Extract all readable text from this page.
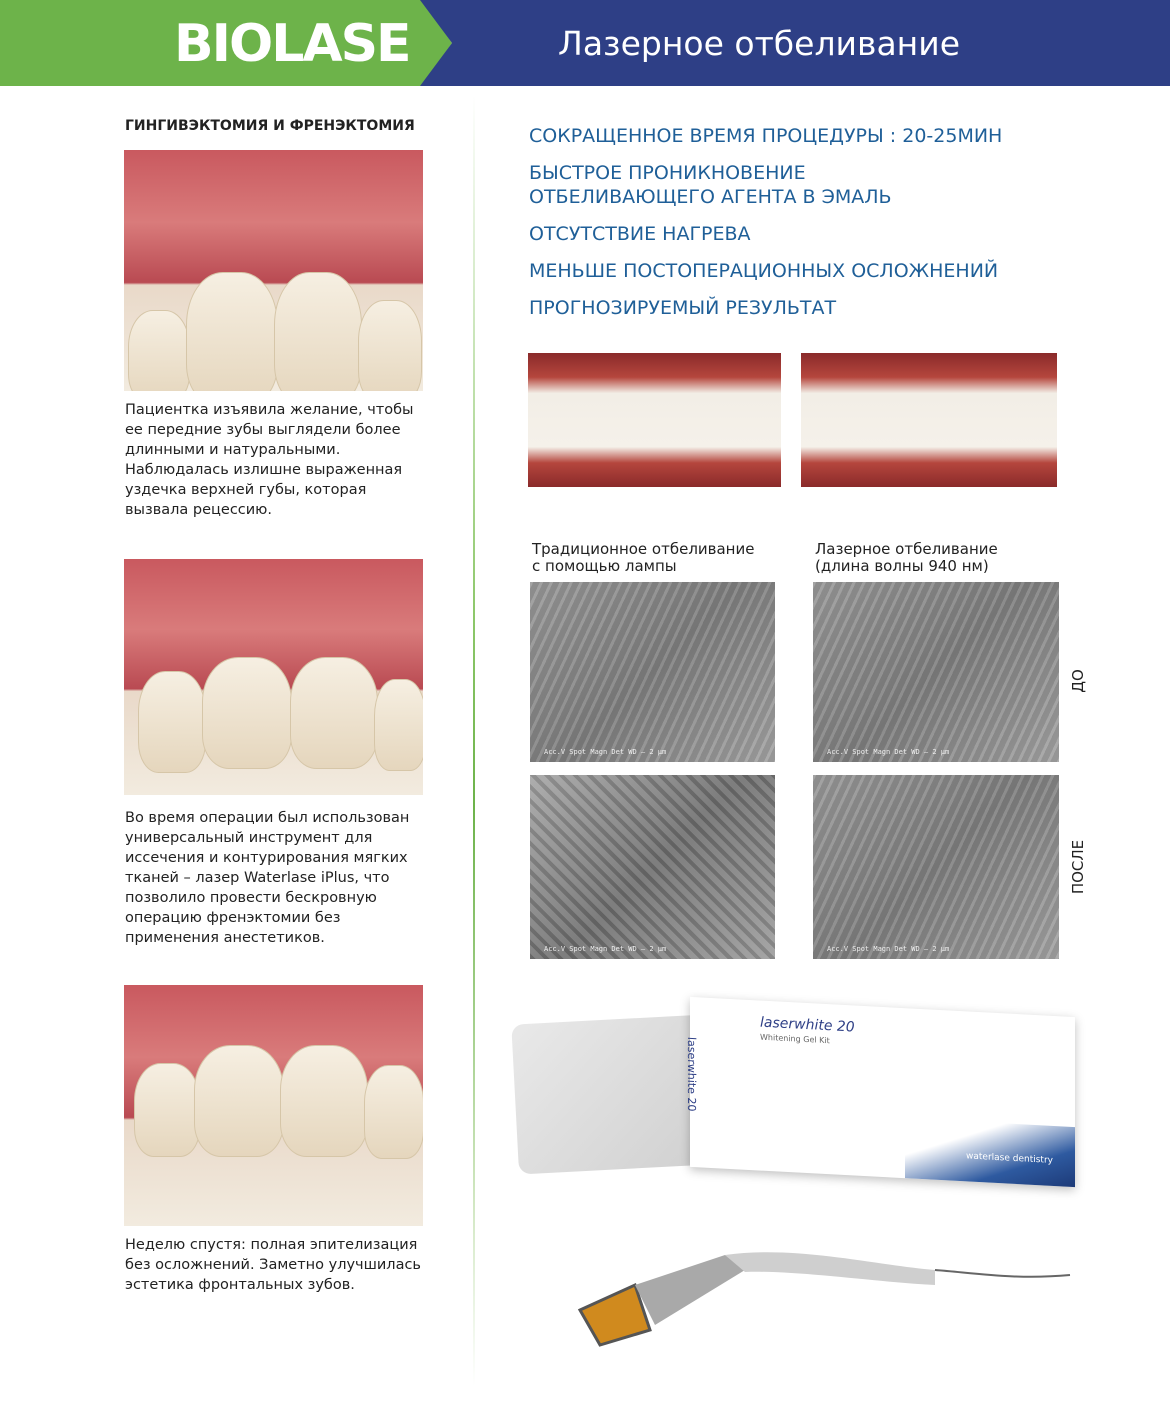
BIOLASE	Лазерное отбеливание
ГИНГИВЭКТОМИЯ И ФРЕНЭКТОМИЯ
Пациентка изъявила желание, чтобы ее передние зубы выглядели более длинными и натуральными. Наблюдалась излишне выраженная уздечка верхней губы, которая вызвала рецессию.
Во время операции был использован универсальный инструмент для иссечения и контурирования мягких тканей – лазер Waterlase iPlus, что позволило провести бескровную операцию френэктомии без применения анестетиков.
Неделю спустя: полная эпителизация без осложнений. Заметно улучшилась эстетика фронтальных зубов.
СОКРАЩЕННОЕ ВРЕМЯ ПРОЦЕДУРЫ : 20-25МИН
БЫСТРОЕ ПРОНИКНОВЕНИЕ ОТБЕЛИВАЮЩЕГО АГЕНТА В ЭМАЛЬ
ОТСУТСТВИЕ НАГРЕВА
МЕНЬШЕ ПОСТОПЕРАЦИОННЫХ ОСЛОЖНЕНИЙ
ПРОГНОЗИРУЕМЫЙ РЕЗУЛЬТАТ
Традиционное отбеливание с помощью лампы
Лазерное отбеливание (длина волны 940 нм)
Acc.V Spot Magn Det WD — 2 μm	Acc.V Spot Magn Det WD — 2 μm
Acc.V Spot Magn Det WD — 2 μm	Acc.V Spot Magn Det WD — 2 μm
ДО
ПОСЛЕ
laserwhite 20
laserwhite 20
Whitening Gel Kit
waterlase dentistry
